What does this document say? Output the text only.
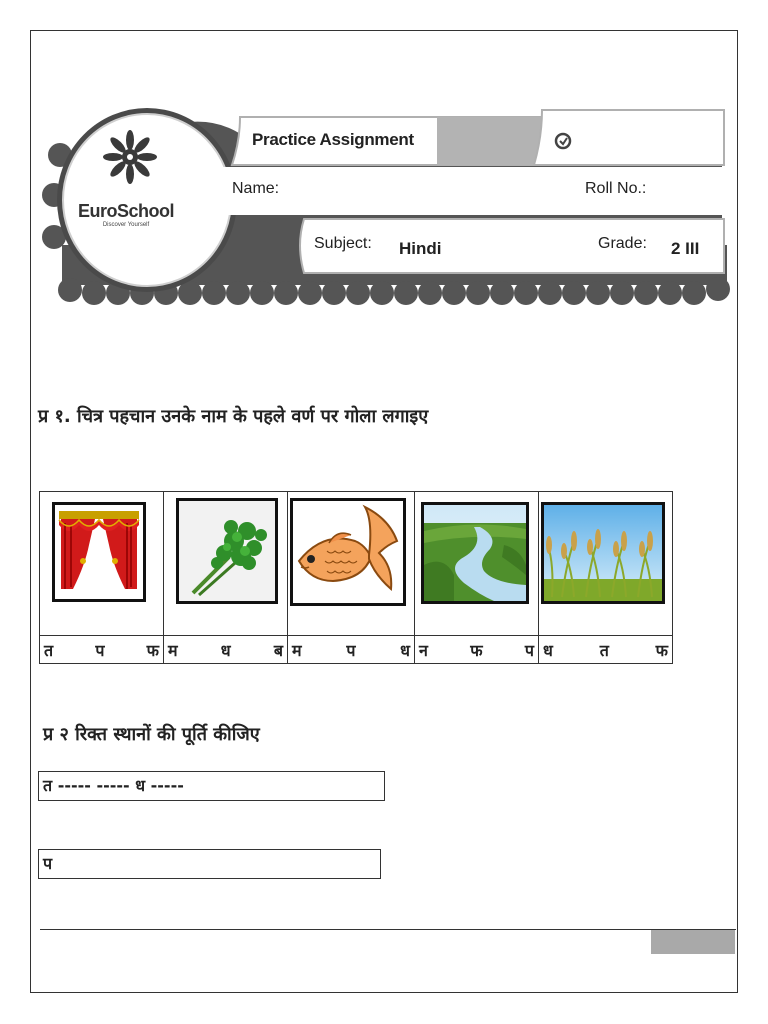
EuroSchool
Discover Yourself
Practice Assignment
Name:	Roll No.:
Subject: Hindi	Grade: 2 III
प्र १. चित्र पहचान उनके नाम के पहले वर्ण पर गोला लगाइए

त प फ	म ध ब	म प ध	न फ प	ध त फ
प्र २ रिक्त स्थानों की पूर्ति कीजिए
त ----- ----- ध -----
प
